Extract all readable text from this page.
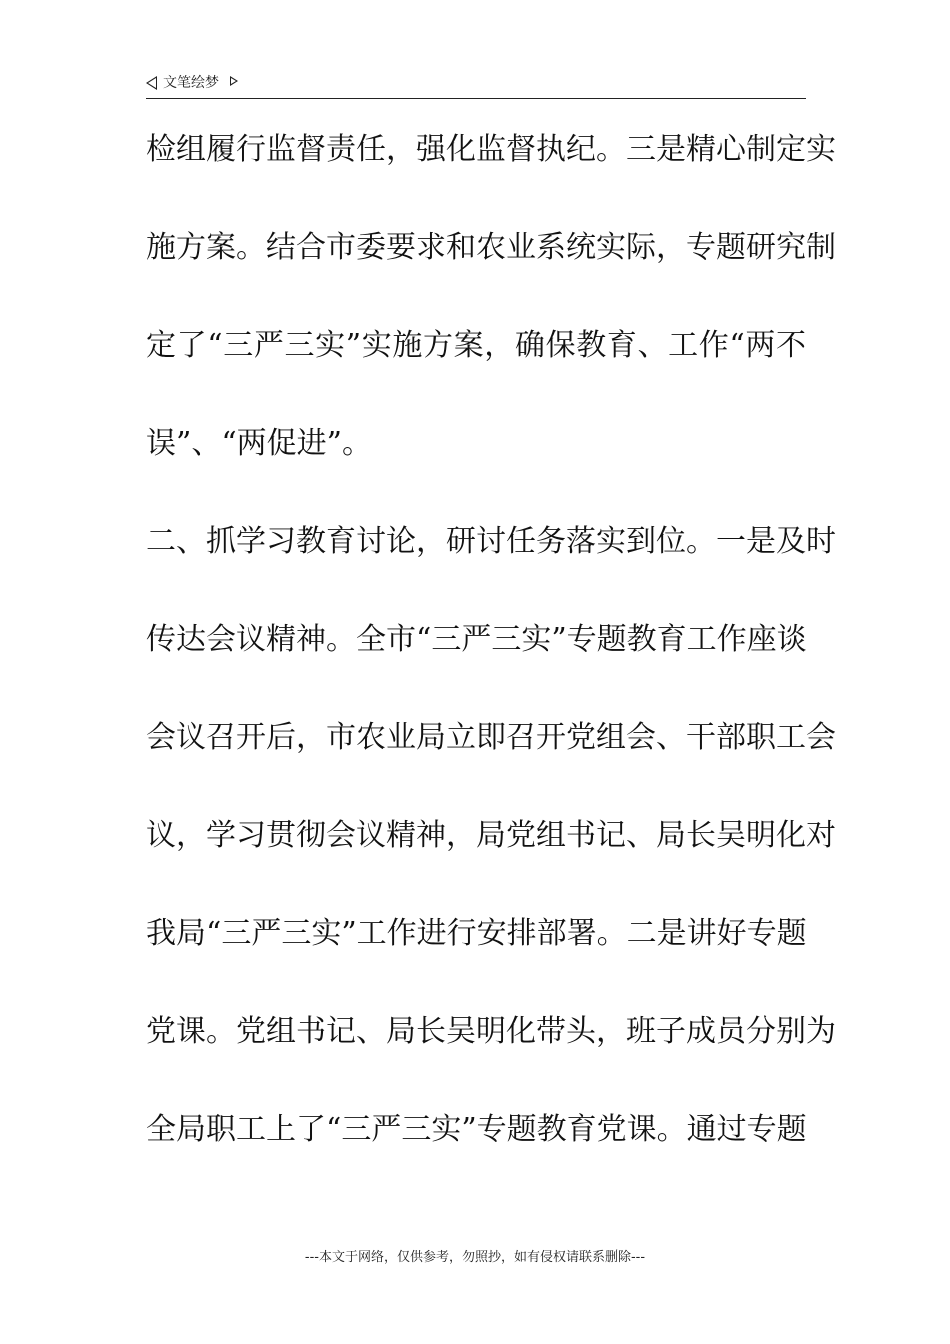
文笔绘梦
检组履行监督责任，强化监督执纪。三是精心制定实
施方案。结合市委要求和农业系统实际，专题研究制
定了“三严三实”实施方案，确保教育、工作“两不
误”、“两促进”。
二、抓学习教育讨论，研讨任务落实到位。一是及时
传达会议精神。全市“三严三实”专题教育工作座谈
会议召开后，市农业局立即召开党组会、干部职工会
议，学习贯彻会议精神，局党组书记、局长吴明化对
我局“三严三实”工作进行安排部署。二是讲好专题
党课。党组书记、局长吴明化带头，班子成员分别为
全局职工上了“三严三实”专题教育党课。通过专题
---本文于网络，仅供参考，勿照抄，如有侵权请联系删除---
